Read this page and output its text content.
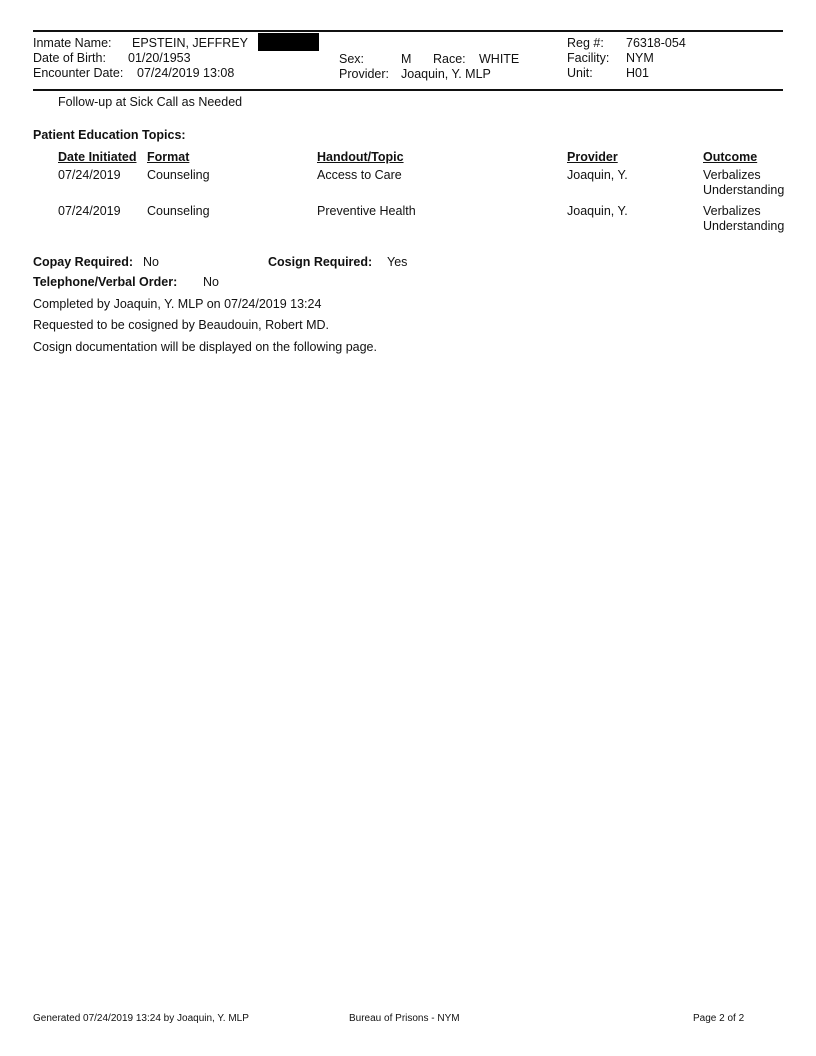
Inmate Name: EPSTEIN, JEFFREY
Date of Birth: 01/20/1953
Encounter Date: 07/24/2019 13:08
Sex:	M Race: WHITE
Provider: Joaquin, Y. MLP
Reg #: 76318-054
Facility: NYM
Unit:	H01
Follow-up at Sick Call as Needed
Patient Education Topics:
Date Initiated Format	Handout/Topic	Provider	Outcome
07/24/2019 Counseling	Access to Care	Joaquin, Y.	Verbalizes Understanding
07/24/2019 Counseling	Preventive Health	Joaquin, Y.	Verbalizes Understanding
Copay Required: No	Cosign Required: Yes
Telephone/Verbal Order: No
Completed by Joaquin, Y. MLP on 07/24/2019 13:24
Requested to be cosigned by Beaudouin, Robert MD.
Cosign documentation will be displayed on the following page.
Generated 07/24/2019 13:24 by Joaquin, Y. MLP	Bureau of Prisons - NYM	Page 2 of 2
